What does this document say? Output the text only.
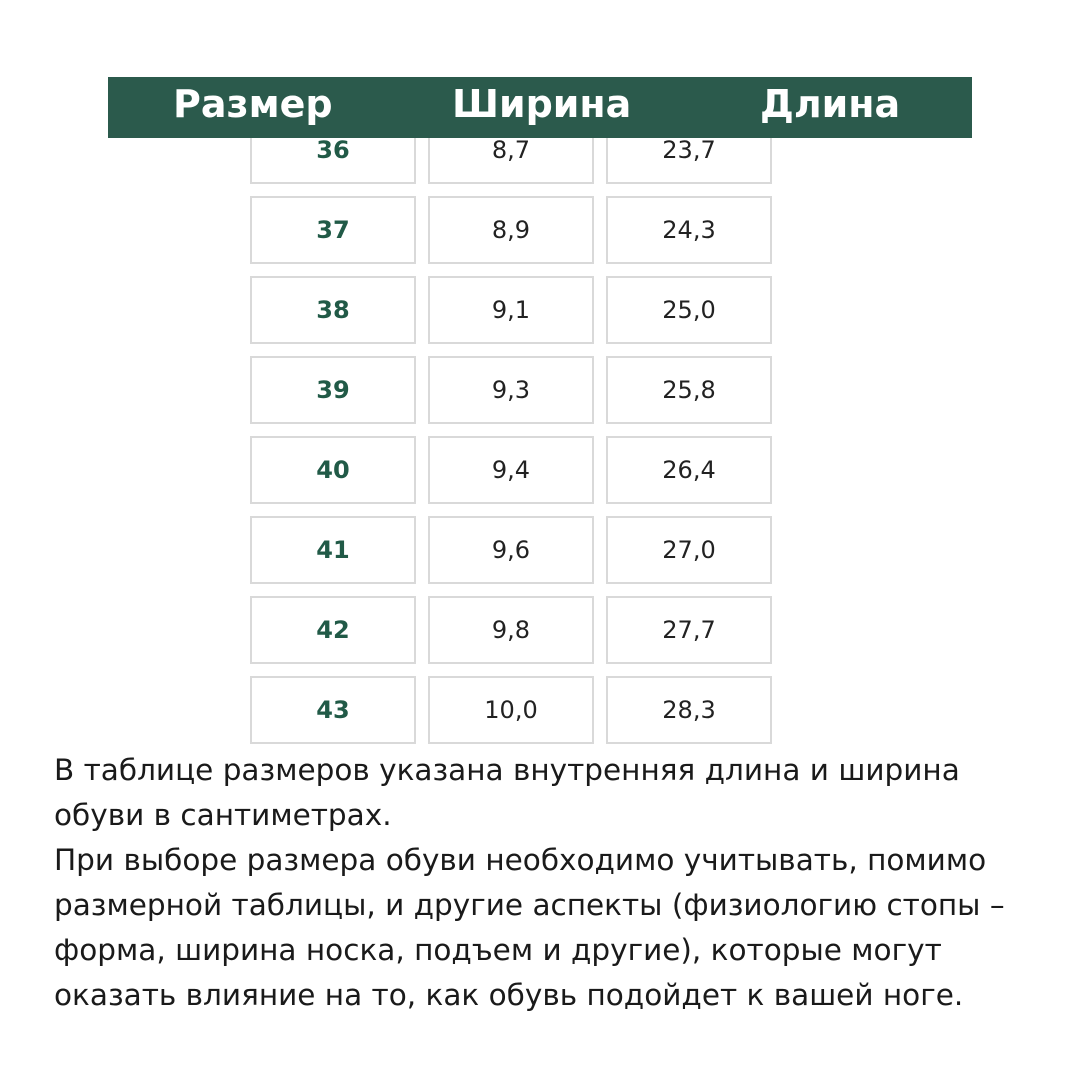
Размер	Ширина	Длина
36	8,7	23,7
37	8,9	24,3
38	9,1	25,0
39	9,3	25,8
40	9,4	26,4
41	9,6	27,0
42	9,8	27,7
43	10,0	28,3

В таблице размеров указана внутренняя длина и ширина

обуви в сантиметрах.

При выборе размера обуви необходимо учитывать, помимо

размерной таблицы, и другие аспекты (физиологию стопы –

форма, ширина носка, подъем и другие), которые могут

оказать влияние на то, как обувь подойдет к вашей ноге.
